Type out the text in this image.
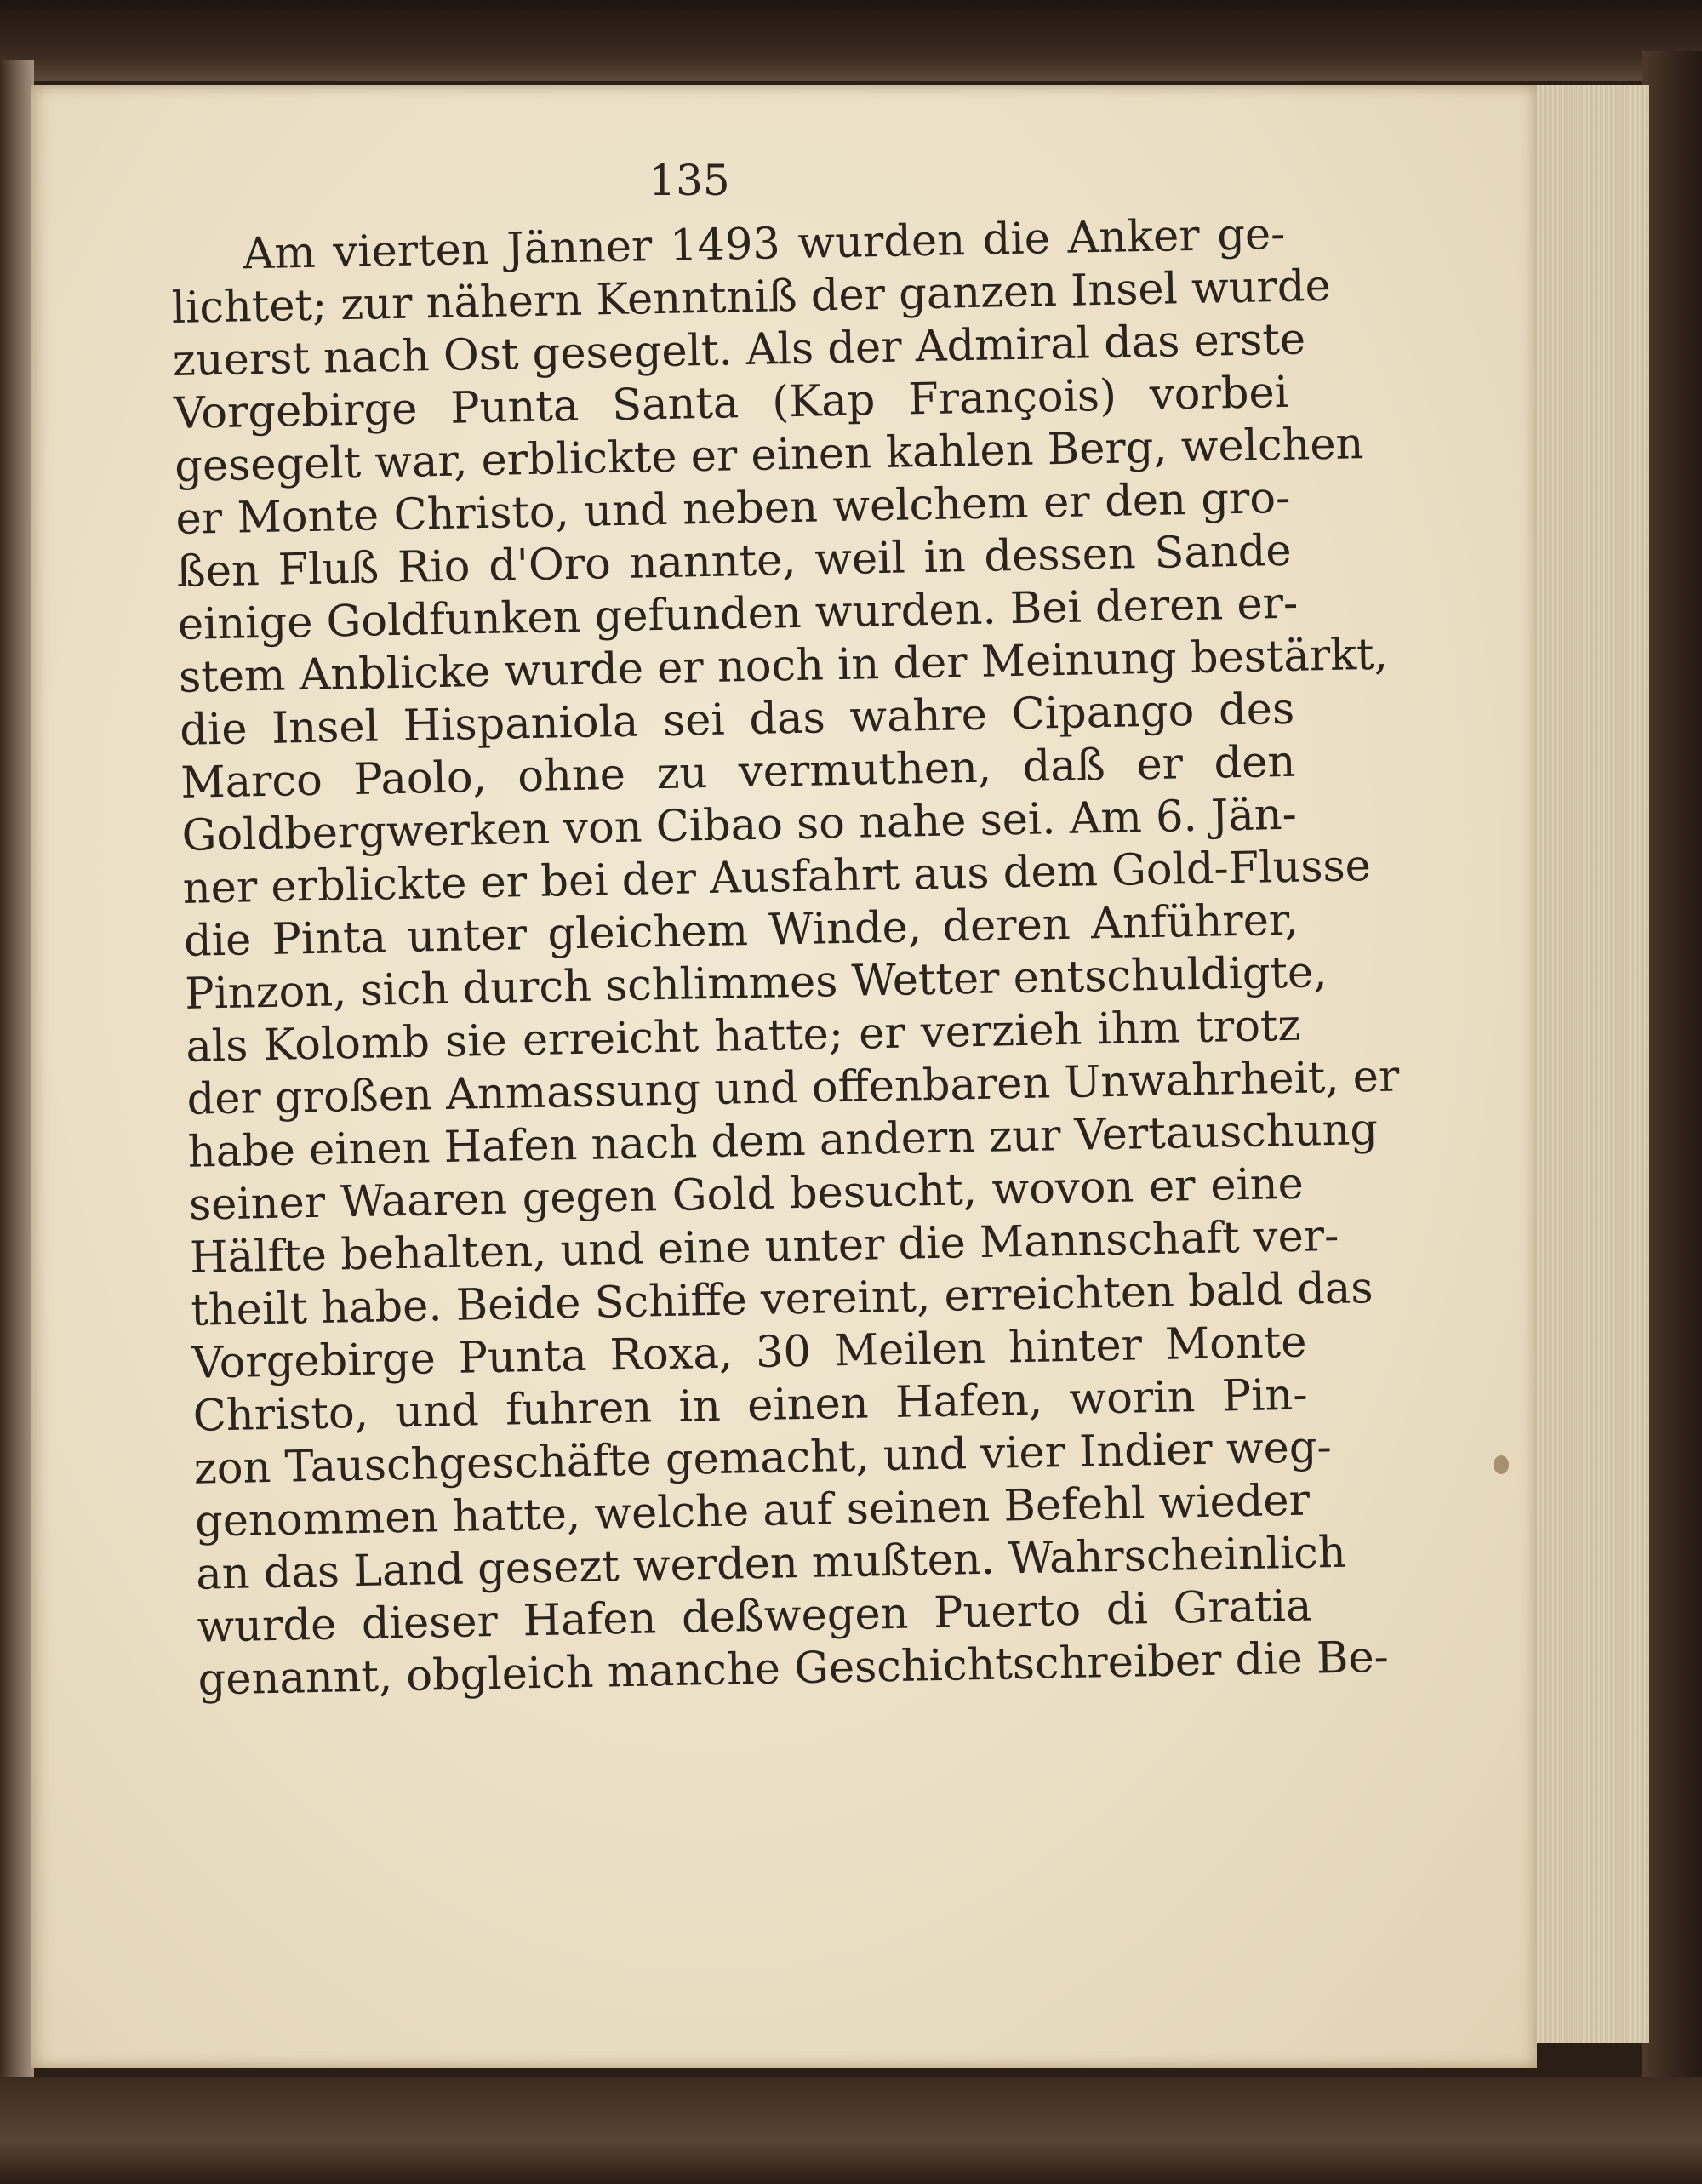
135
Am vierten Jänner 1493 wurden die Anker ge-
lichtet; zur nähern Kenntniß der ganzen Insel wurde
zuerst nach Ost gesegelt. Als der Admiral das erste
Vorgebirge Punta Santa (Kap François) vorbei
gesegelt war, erblickte er einen kahlen Berg, welchen
er Monte Christo, und neben welchem er den gro-
ßen Fluß Rio d'Oro nannte, weil in dessen Sande
einige Goldfunken gefunden wurden. Bei deren er-
stem Anblicke wurde er noch in der Meinung bestärkt,
die Insel Hispaniola sei das wahre Cipango des
Marco Paolo, ohne zu vermuthen, daß er den
Goldbergwerken von Cibao so nahe sei. Am 6. Jän-
ner erblickte er bei der Ausfahrt aus dem Gold-Flusse
die Pinta unter gleichem Winde, deren Anführer,
Pinzon, sich durch schlimmes Wetter entschuldigte,
als Kolomb sie erreicht hatte; er verzieh ihm trotz
der großen Anmassung und offenbaren Unwahrheit, er
habe einen Hafen nach dem andern zur Vertauschung
seiner Waaren gegen Gold besucht, wovon er eine
Hälfte behalten, und eine unter die Mannschaft ver-
theilt habe. Beide Schiffe vereint, erreichten bald das
Vorgebirge Punta Roxa, 30 Meilen hinter Monte
Christo, und fuhren in einen Hafen, worin Pin-
zon Tauschgeschäfte gemacht, und vier Indier weg-
genommen hatte, welche auf seinen Befehl wieder
an das Land gesezt werden mußten. Wahrscheinlich
wurde dieser Hafen deßwegen Puerto di Gratia
genannt, obgleich manche Geschichtschreiber die Be-
